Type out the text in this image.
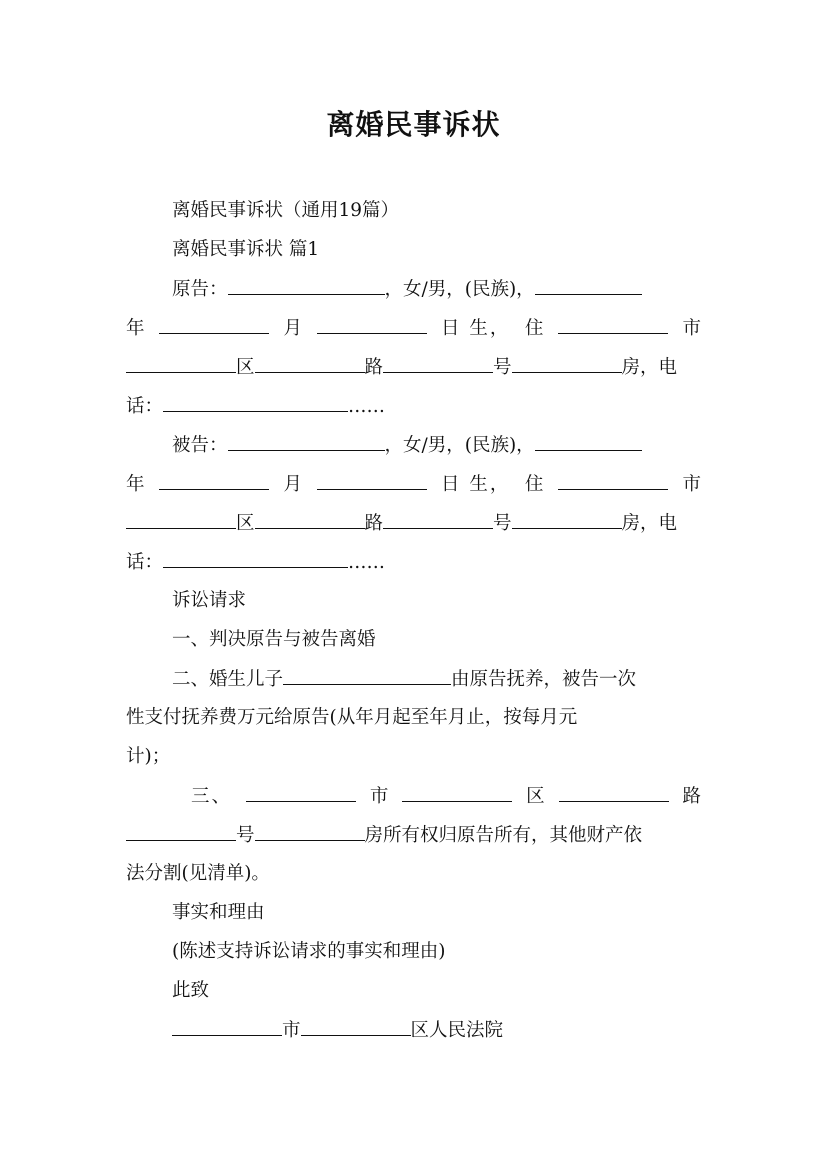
离婚民事诉状
离婚民事诉状（通用19篇）
离婚民事诉状 篇1
原告：	，女/男，(民族)，
年	月	日 生， 住	市
区	路	号	房，电
话：	……
被告：	，女/男，(民族)，
年	月	日 生， 住	市
区	路	号	房，电
话：	……
诉讼请求
一、判决原告与被告离婚
二、婚生儿子	由原告抚养，被告一次
性支付抚养费万元给原告(从年月起至年月止，按每月元
计)；
三、	市	区	路
号	房所有权归原告所有，其他财产依
法分割(见清单)。
事实和理由
(陈述支持诉讼请求的事实和理由)
此致
市	区人民法院
